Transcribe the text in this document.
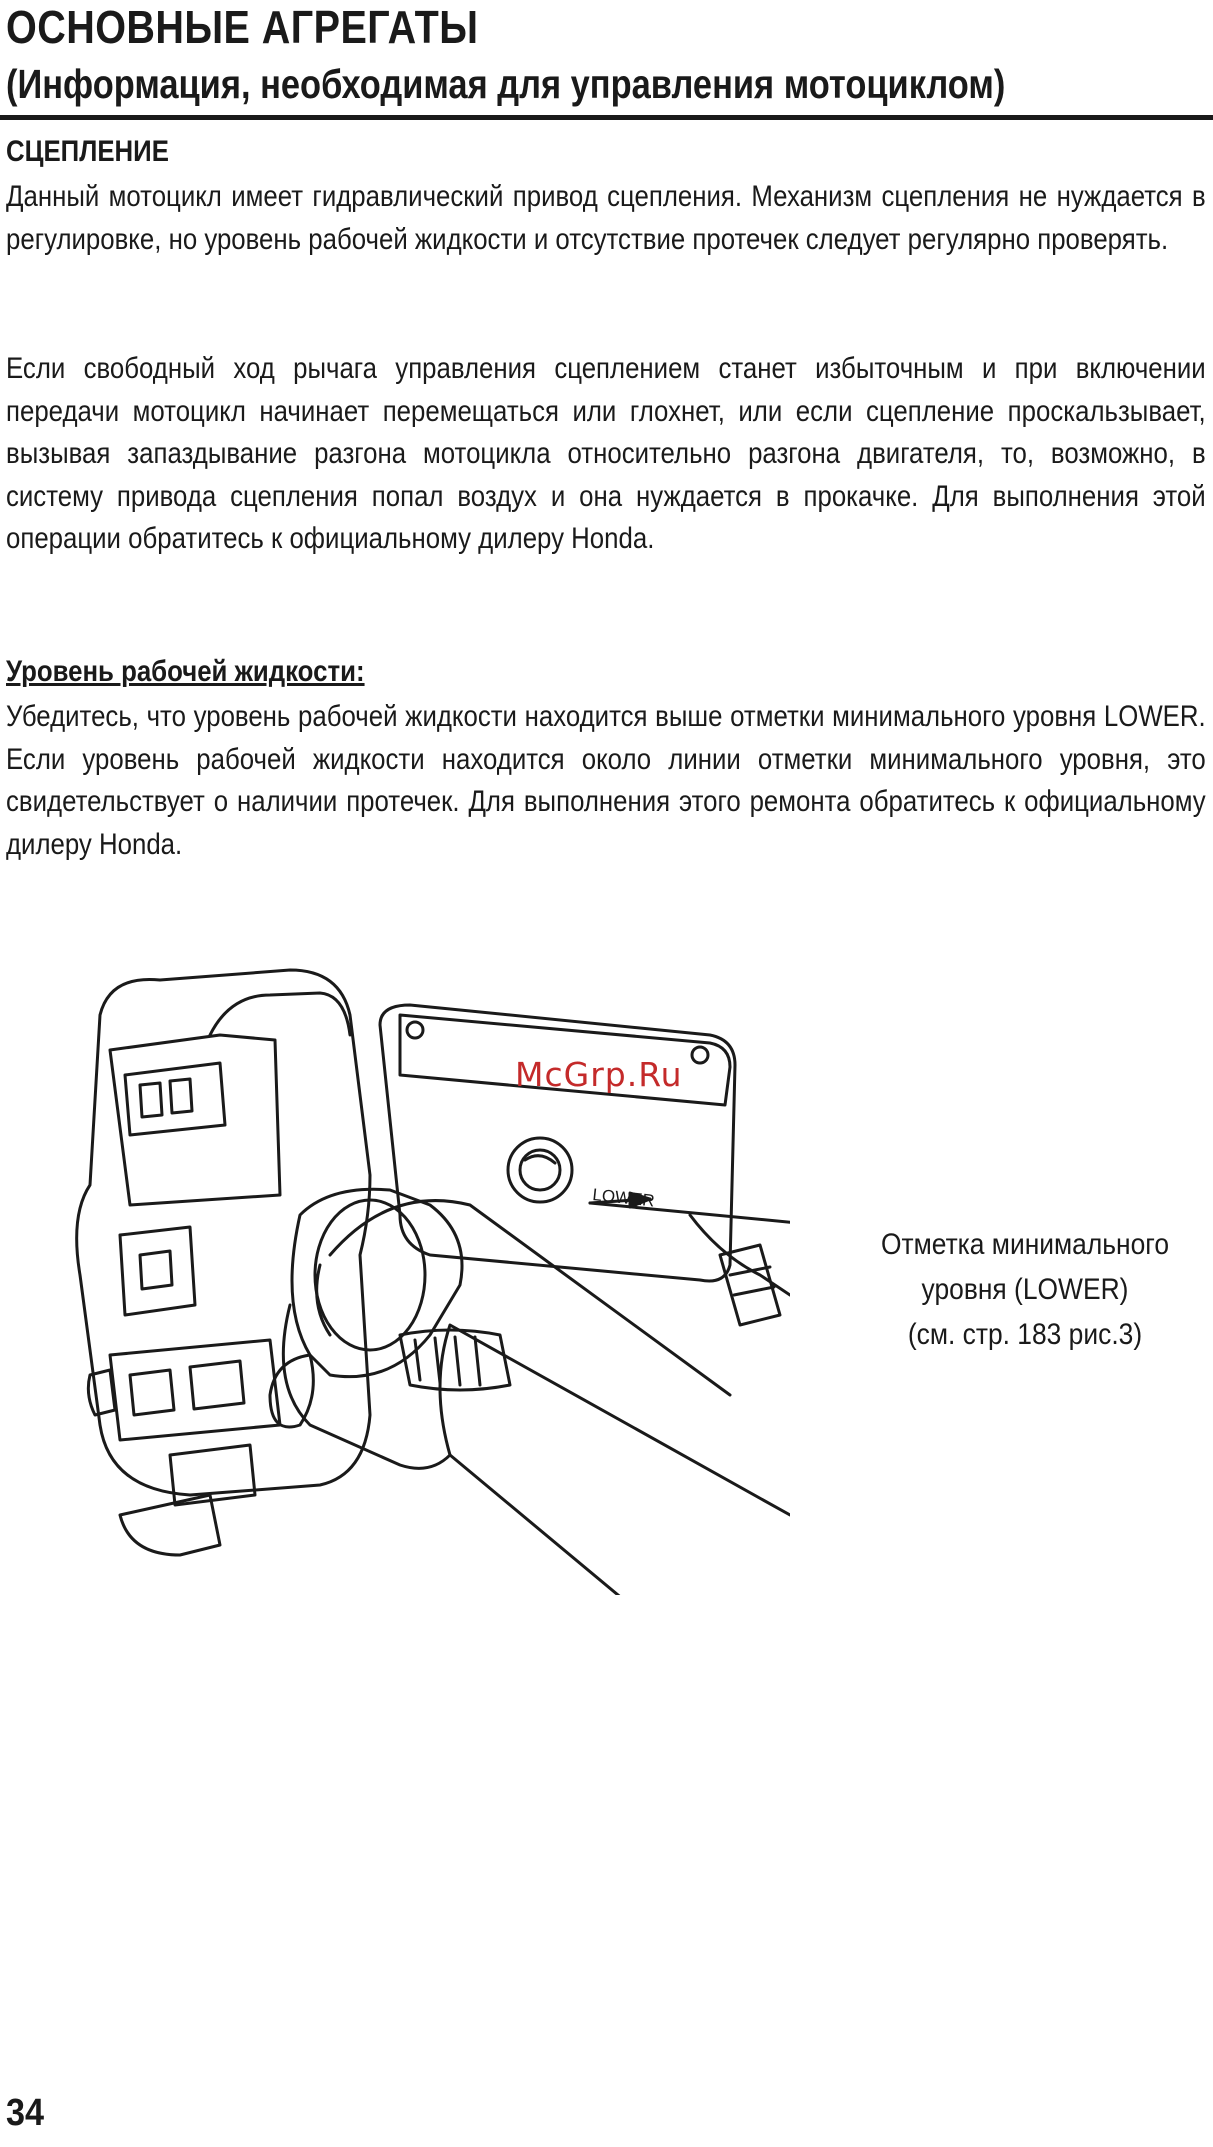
ОСНОВНЫЕ АГРЕГАТЫ
(Информация, необходимая для управления мотоциклом)
СЦЕПЛЕНИЕ

Данный мотоцикл имеет гидравлический привод сцепления. Механизм сцепления не нуждается в регулировке, но уровень рабочей жидкости и отсутствие протечек следует регулярно проверять.

Если свободный ход рычага управления сцеплением станет избыточным и при включении передачи мотоцикл начинает перемещаться или глохнет, или если сцепление проскальзывает, вызывая запаздывание разгона мотоцикла относительно разгона двигателя, то, возможно, в систему привода сцепления попал воздух и она нуждается в прокачке. Для выполнения этой операции обратитесь к официальному дилеру Honda.

Уровень рабочей жидкости:

Убедитесь, что уровень рабочей жидкости находится выше отметки минимального уровня LOWER. Если уровень рабочей жидкости находится около линии отметки минимального уровня, это свидетельствует о наличии протечек. Для выполнения этого ремонта обратитесь к официальному дилеру Honda.

LOWER
McGrp.Ru
Отметка минимального
уровня (LOWER)
(см. стр. 183 рис.3)
34
